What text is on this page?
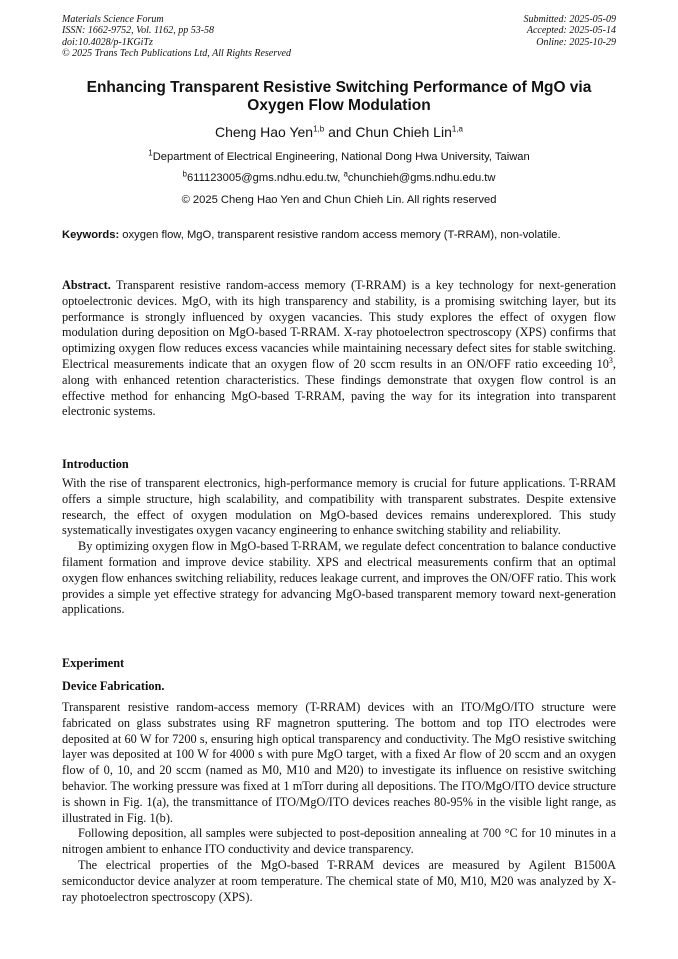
Materials Science Forum
ISSN: 1662-9752, Vol. 1162, pp 53-58
doi:10.4028/p-1KGiTz
© 2025 Trans Tech Publications Ltd, All Rights Reserved
Submitted: 2025-05-09
Accepted: 2025-05-14
Online: 2025-10-29
Enhancing Transparent Resistive Switching Performance of MgO via Oxygen Flow Modulation
Cheng Hao Yen$^{1,b}$ and Chun Chieh Lin$^{1,a}$
$^1$Department of Electrical Engineering, National Dong Hwa University, Taiwan
$^b$611123005@gms.ndhu.edu.tw, $^a$chunchieh@gms.ndhu.edu.tw
© 2025 Cheng Hao Yen and Chun Chieh Lin. All rights reserved
Keywords: oxygen flow, MgO, transparent resistive random access memory (T-RRAM), non-volatile.

Abstract. Transparent resistive random-access memory (T-RRAM) is a key technology for next-generation optoelectronic devices. MgO, with its high transparency and stability, is a promising switching layer, but its performance is strongly influenced by oxygen vacancies. This study explores the effect of oxygen flow modulation during deposition on MgO-based T-RRAM. X-ray photoelectron spectroscopy (XPS) confirms that optimizing oxygen flow reduces excess vacancies while maintaining necessary defect sites for stable switching. Electrical measurements indicate that an oxygen flow of 20 sccm results in an ON/OFF ratio exceeding $10^3$, along with enhanced retention characteristics. These findings demonstrate that oxygen flow control is an effective method for enhancing MgO-based T-RRAM, paving the way for its integration into transparent electronic systems.

Introduction

With the rise of transparent electronics, high-performance memory is crucial for future applications. T-RRAM offers a simple structure, high scalability, and compatibility with transparent substrates. Despite extensive research, the effect of oxygen modulation on MgO-based devices remains underexplored. This study systematically investigates oxygen vacancy engineering to enhance switching stability and reliability.

By optimizing oxygen flow in MgO-based T-RRAM, we regulate defect concentration to balance conductive filament formation and improve device stability. XPS and electrical measurements confirm that an optimal oxygen flow enhances switching reliability, reduces leakage current, and improves the ON/OFF ratio. This work provides a simple yet effective strategy for advancing MgO-based transparent memory toward next-generation applications.

Experiment
Device Fabrication.

Transparent resistive random-access memory (T-RRAM) devices with an ITO/MgO/ITO structure were fabricated on glass substrates using RF magnetron sputtering. The bottom and top ITO electrodes were deposited at 60 W for 7200 s, ensuring high optical transparency and conductivity. The MgO resistive switching layer was deposited at 100 W for 4000 s with pure MgO target, with a fixed Ar flow of 20 sccm and an oxygen flow of 0, 10, and 20 sccm (named as M0, M10 and M20) to investigate its influence on resistive switching behavior. The working pressure was fixed at 1 mTorr during all depositions. The ITO/MgO/ITO device structure is shown in Fig. 1(a), the transmittance of ITO/MgO/ITO devices reaches 80-95% in the visible light range, as illustrated in Fig. 1(b).

Following deposition, all samples were subjected to post-deposition annealing at 700 °C for 10 minutes in a nitrogen ambient to enhance ITO conductivity and device transparency.

The electrical properties of the MgO-based T-RRAM devices are measured by Agilent B1500A semiconductor device analyzer at room temperature. The chemical state of M0, M10, M20 was analyzed by X-ray photoelectron spectroscopy (XPS).
